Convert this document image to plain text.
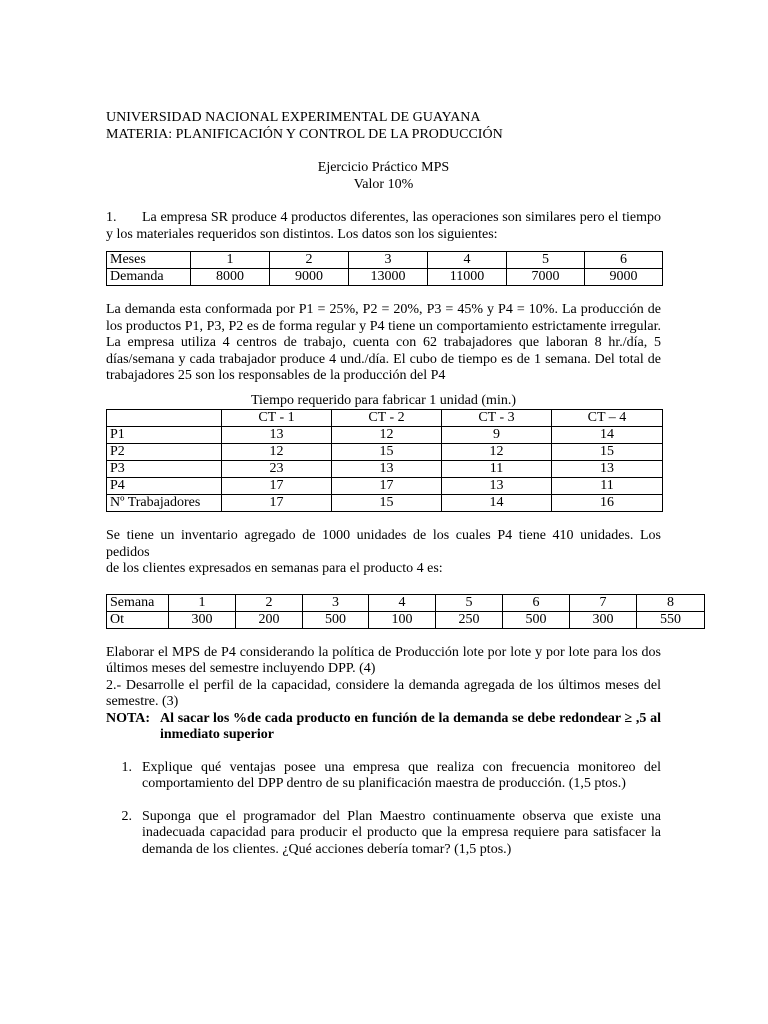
UNIVERSIDAD NACIONAL EXPERIMENTAL DE GUAYANA
MATERIA: PLANIFICACIÓN Y CONTROL DE LA PRODUCCIÓN
Ejercicio Práctico MPS
Valor 10%
1. La empresa SR produce 4 productos diferentes, las operaciones son similares pero el tiempo
y los materiales requeridos son distintos. Los datos son los siguientes:
Meses	1	2	3	4	5	6
Demanda	8000	9000	13000	11000	7000	9000
La demanda esta conformada por P1 = 25%, P2 = 20%, P3 = 45% y P4 = 10%. La producción de
los productos P1, P3, P2 es de forma regular y P4 tiene un comportamiento estrictamente irregular.
La empresa utiliza 4 centros de trabajo, cuenta con 62 trabajadores que laboran 8 hr./día, 5
días/semana y cada trabajador produce 4 und./día. El cubo de tiempo es de 1 semana. Del total de
trabajadores 25 son los responsables de la producción del P4
Tiempo requerido para fabricar 1 unidad (min.)
	CT - 1	CT - 2	CT - 3	CT – 4
P1	13	12	9	14
P2	12	15	12	15
P3	23	13	11	13
P4	17	17	13	11
Nº Trabajadores	17	15	14	16
Se tiene un inventario agregado de 1000 unidades de los cuales P4 tiene 410 unidades. Los pedidos
de los clientes expresados en semanas para el producto 4 es:
Semana	1	2	3	4	5	6	7	8
Ot	300	200	500	100	250	500	300	550
Elaborar el MPS de P4 considerando la política de Producción lote por lote y por lote para los dos
últimos meses del semestre incluyendo DPP. (4)
2.- Desarrolle el perfil de la capacidad, considere la demanda agregada de los últimos meses del
semestre. (3)
NOTA: Al sacar los %de cada producto en función de la demanda se debe redondear ≥ ,5 al
inmediato superior
1. Explique qué ventajas posee una empresa que realiza con frecuencia monitoreo del
comportamiento del DPP dentro de su planificación maestra de producción. (1,5 ptos.)
2. Suponga que el programador del Plan Maestro continuamente observa que existe una
inadecuada capacidad para producir el producto que la empresa requiere para satisfacer la
demanda de los clientes. ¿Qué acciones debería tomar? (1,5 ptos.)
